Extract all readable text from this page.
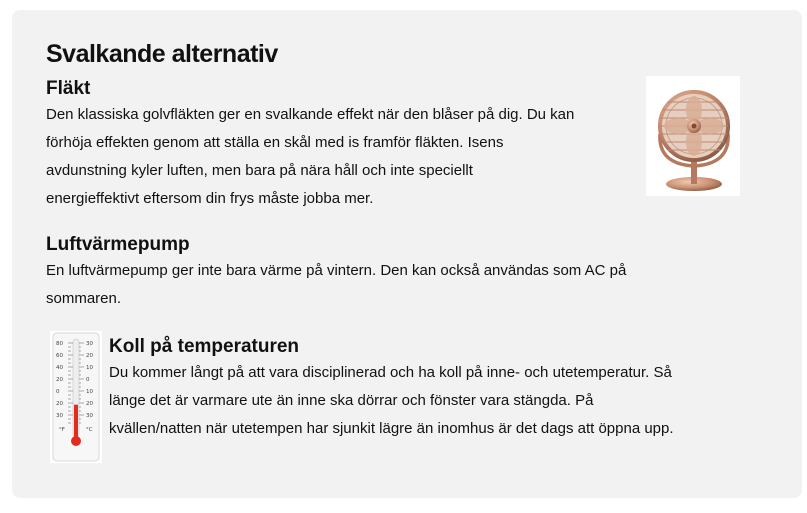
Svalkande alternativ
Fläkt

Den klassiska golvfläkten ger en svalkande effekt när den blåser på dig. Du kan
förhöja effekten genom att ställa en skål med is framför fläkten. Isens
avdunstning kyler luften, men bara på nära håll och inte speciellt
energieffektivt eftersom din frys måste jobba mer.

Luftvärmepump

En luftvärmepump ger inte bara värme på vintern. Den kan också användas som AC på
sommaren.

80
60
40
20
0
20
30
30
20
10
0
10
20
30
°F	°C
Koll på temperaturen

Du kommer långt på att vara disciplinerad och ha koll på inne- och utetemperatur. Så
länge det är varmare ute än inne ska dörrar och fönster vara stängda. På
kvällen/natten när utetempen har sjunkit lägre än inomhus är det dags att öppna upp.
